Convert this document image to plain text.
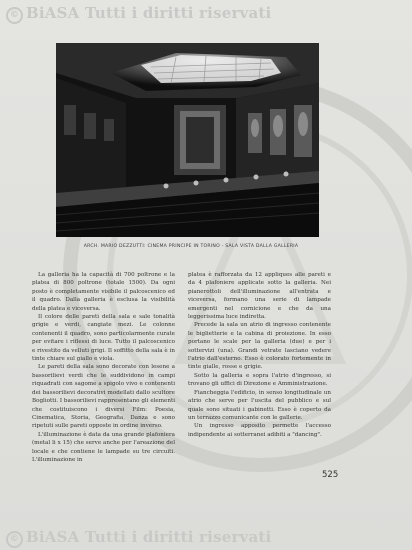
© BiASA Tutti i diritti riservati
ARCH. MARIO DEZZUTTI: CINEMA PRINCIPE IN TORINO - SALA VISTA DALLA GALLERIA

La galleria ha la capacità di 700 poltrone e la platea di 800 poltrone (totale 1500). Da ogni posto è completamente visibile il palcoscenico ed il quadro. Dalla galleria è esclusa la visibilità della platea e viceversa.

Il colore delle pareti della sala e sale tonalità grigie e verdi, cangiate mezi. Le colonne contenenti il quadro, sono particolarmente curate per evitare i riflessi di luce. Tutto il palcoscenico e rivestito da velluti grigi. Il soffitto della sala è in tinte chiare sul giallo e viola.

Le pareti della sala sono decorate con lesene a bassorilievi verdi che le suddividono in campi riquadrati con sagome a spigolo vivo e contenenti dei bassorilievi decorativi modellati dallo scultore Bogliotti. I bassorilievi rappresentano gli elementi che costituiscono i diversi Film: Poesia, Cinematica, Storia, Geografia, Danza e sono ripetuti sulle pareti opposte in ordine inverso.

L'illuminazione è data da una grande plafoniera (metal li x 15) che serve anche per l'areazione del locale e che contiene le lampade su tre circuiti. L'illuminazione in

platea è rafforzata da 12 appliques alle pareti e da 4 plafoniere applicate sotto la galleria. Nei pianerottoli dell'illuminazione all'entrata e viceversa, formano una serie di lampade emergenti nel cornicione e che da una leggerissima luce indiretta.

Precede la sala un atrio di ingresso contenente le biglietterie e la cabina di proiezione. In esso portano le scale per la galleria (due) e per i sottervizi (una). Grandi vetrate lasciano vedere l'atrio dall'esterno. Esso è colorato fortemente in tinte gialle, rosse e grigie.

Sotto la galleria e sopra l'atrio d'ingresso, si trovano gli uffici di Direzione e Amministrazione.

Fiancheggia l'edificio, in senso longitudinale un atrio che serve per l'uscita del pubblico e sul quale sono situati i gabinetti. Esso è coperto da un terrazzo comunicante con le gallerie.

Un ingresso apposito permette l'accesso indipendente ai sotterranei adibiti a "dancing".

525
© BiASA Tutti i diritti riservati
